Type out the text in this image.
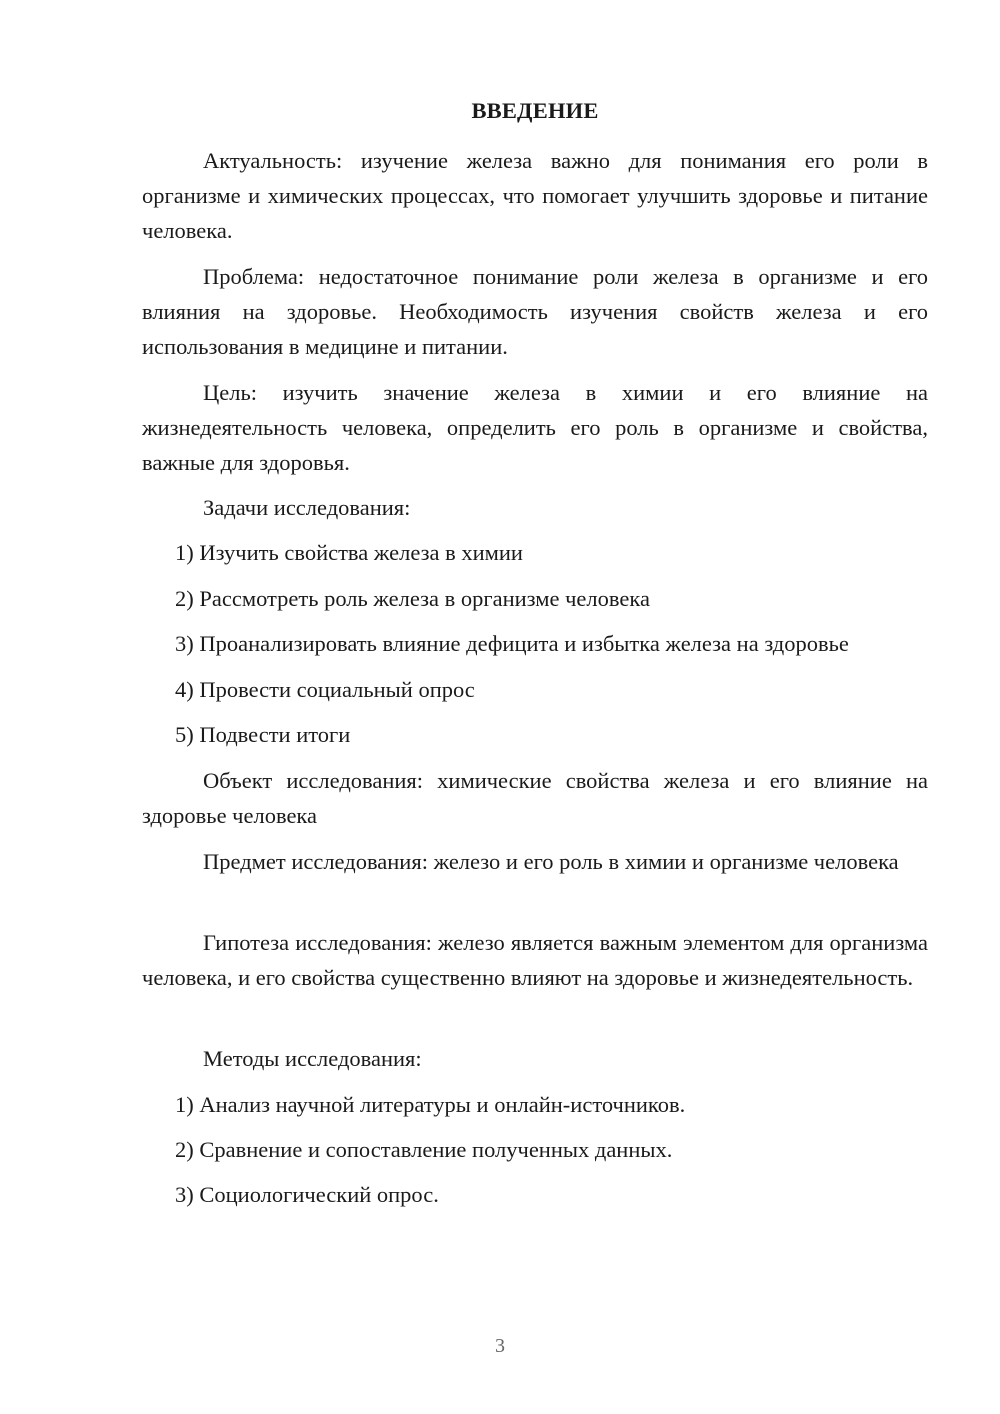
ВВЕДЕНИЕ

Актуальность: изучение железа важно для понимания его роли в организме и химических процессах, что помогает улучшить здоровье и питание человека.

Проблема: недостаточное понимание роли железа в организме и его влияния на здоровье. Необходимость изучения свойств железа и его использования в медицине и питании.

Цель: изучить значение железа в химии и его влияние на жизнедеятельность человека, определить его роль в организме и свойства, важные для здоровья.

Задачи исследования:
1) Изучить свойства железа в химии
2) Рассмотреть роль железа в организме человека
3) Проанализировать влияние дефицита и избытка железа на здоровье
4) Провести социальный опрос
5) Подвести итоги

Объект исследования: химические свойства железа и его влияние на здоровье человека

Предмет исследования: железо и его роль в химии и организме человека

Гипотеза исследования: железо является важным элементом для организма человека, и его свойства существенно влияют на здоровье и жизнедеятельность.

Методы исследования:
1) Анализ научной литературы и онлайн-источников.
2) Сравнение и сопоставление полученных данных.
3) Социологический опрос.
3
